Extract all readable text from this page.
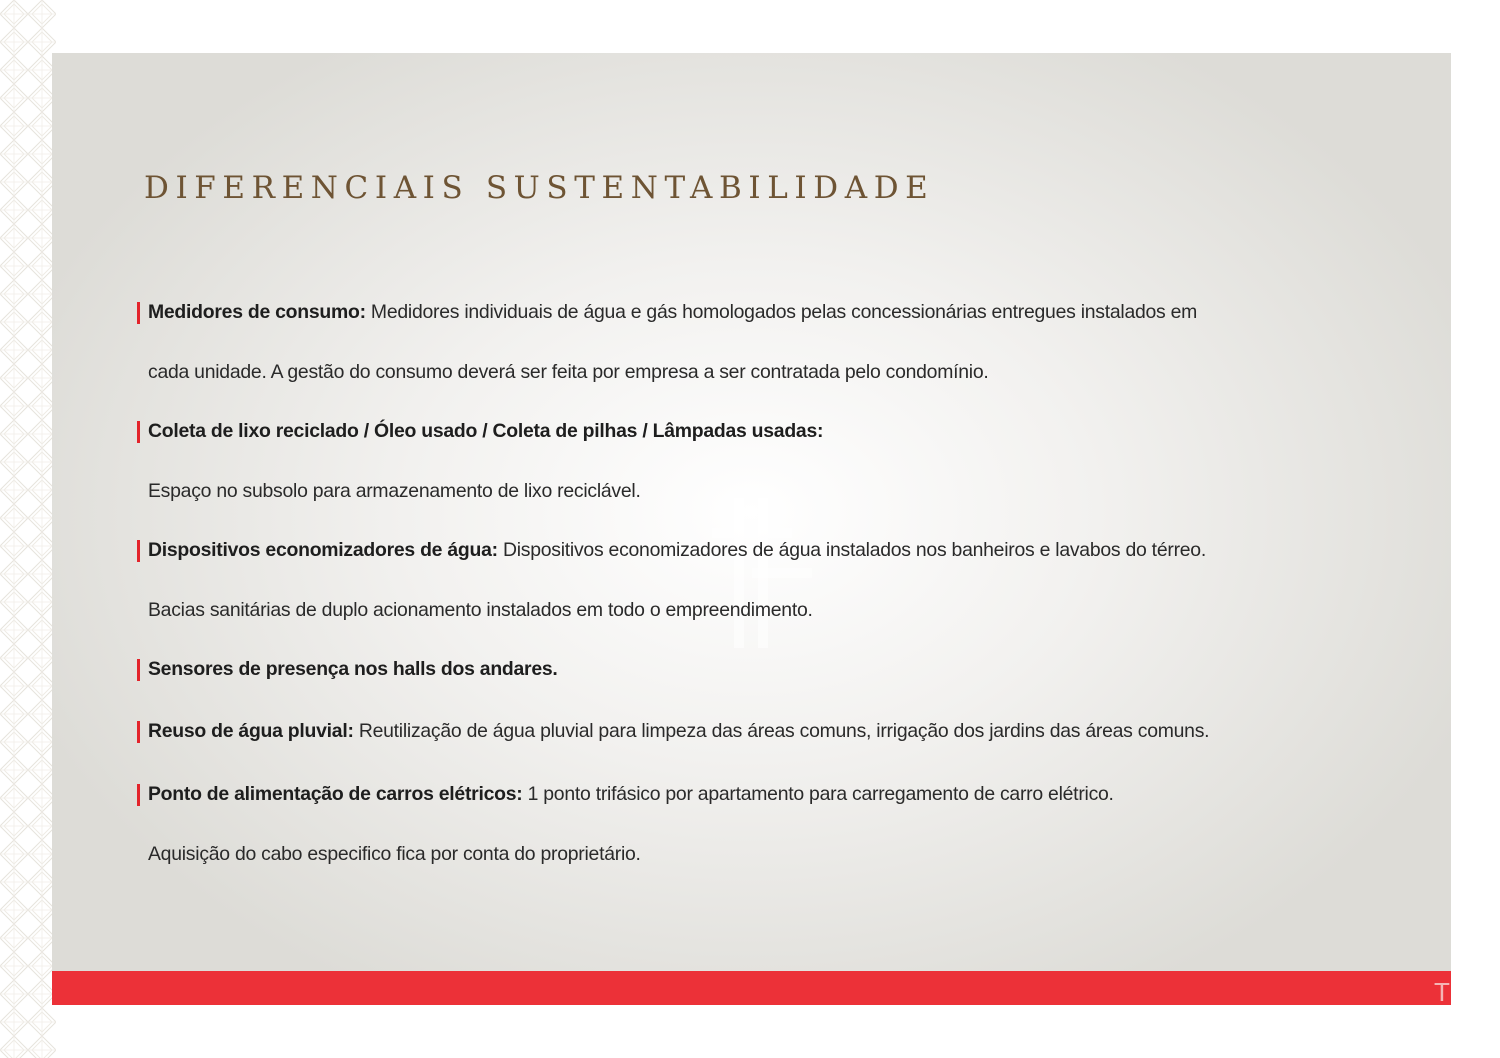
DIFERENCIAIS SUSTENTABILIDADE
Medidores de consumo: Medidores individuais de água e gás homologados pelas concessionárias entregues instalados em
cada unidade. A gestão do consumo deverá ser feita por empresa a ser contratada pelo condomínio.
Coleta de lixo reciclado / Óleo usado / Coleta de pilhas / Lâmpadas usadas:
Espaço no subsolo para armazenamento de lixo reciclável.
Dispositivos economizadores de água: Dispositivos economizadores de água instalados nos banheiros e lavabos do térreo.
Bacias sanitárias de duplo acionamento instalados em todo o empreendimento.
Sensores de presença nos halls dos andares.
Reuso de água pluvial: Reutilização de água pluvial para limpeza das áreas comuns, irrigação dos jardins das áreas comuns.
Ponto de alimentação de carros elétricos: 1 ponto trifásico por apartamento para carregamento de carro elétrico.
Aquisição do cabo especifico fica por conta do proprietário.
T
